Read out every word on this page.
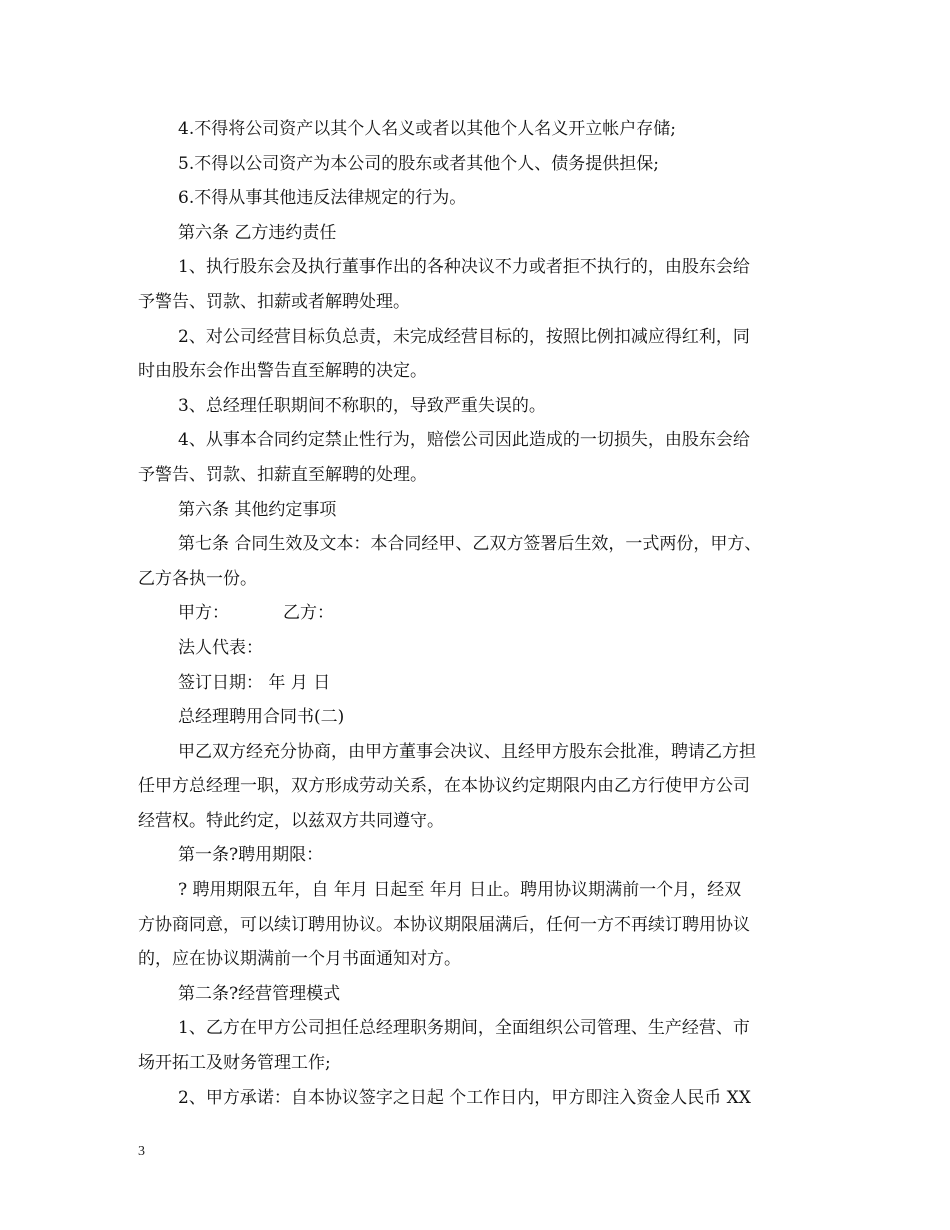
4.不得将公司资产以其个人名义或者以其他个人名义开立帐户存储;
5.不得以公司资产为本公司的股东或者其他个人、债务提供担保;
6.不得从事其他违反法律规定的行为。
第六条 乙方违约责任
1、执行股东会及执行董事作出的各种决议不力或者拒不执行的，由股东会给
予警告、罚款、扣薪或者解聘处理。
2、对公司经营目标负总责，未完成经营目标的，按照比例扣减应得红利，同
时由股东会作出警告直至解聘的决定。
3、总经理任职期间不称职的，导致严重失误的。
4、从事本合同约定禁止性行为，赔偿公司因此造成的一切损失，由股东会给
予警告、罚款、扣薪直至解聘的处理。
第六条 其他约定事项
第七条 合同生效及文本：本合同经甲、乙双方签署后生效，一式两份，甲方、
乙方各执一份。
甲方：	乙方：
法人代表：
签订日期： 年 月 日
总经理聘用合同书(二)
甲乙双方经充分协商，由甲方董事会决议、且经甲方股东会批准，聘请乙方担
任甲方总经理一职，双方形成劳动关系，在本协议约定期限内由乙方行使甲方公司
经营权。特此约定，以兹双方共同遵守。
第一条?聘用期限：
? 聘用期限五年，自 年月 日起至 年月 日止。聘用协议期满前一个月，经双
方协商同意，可以续订聘用协议。本协议期限届满后，任何一方不再续订聘用协议
的，应在协议期满前一个月书面通知对方。
第二条?经营管理模式
1、乙方在甲方公司担任总经理职务期间，全面组织公司管理、生产经营、市
场开拓工及财务管理工作;
2、甲方承诺：自本协议签字之日起 个工作日内，甲方即注入资金人民币 XX
3
